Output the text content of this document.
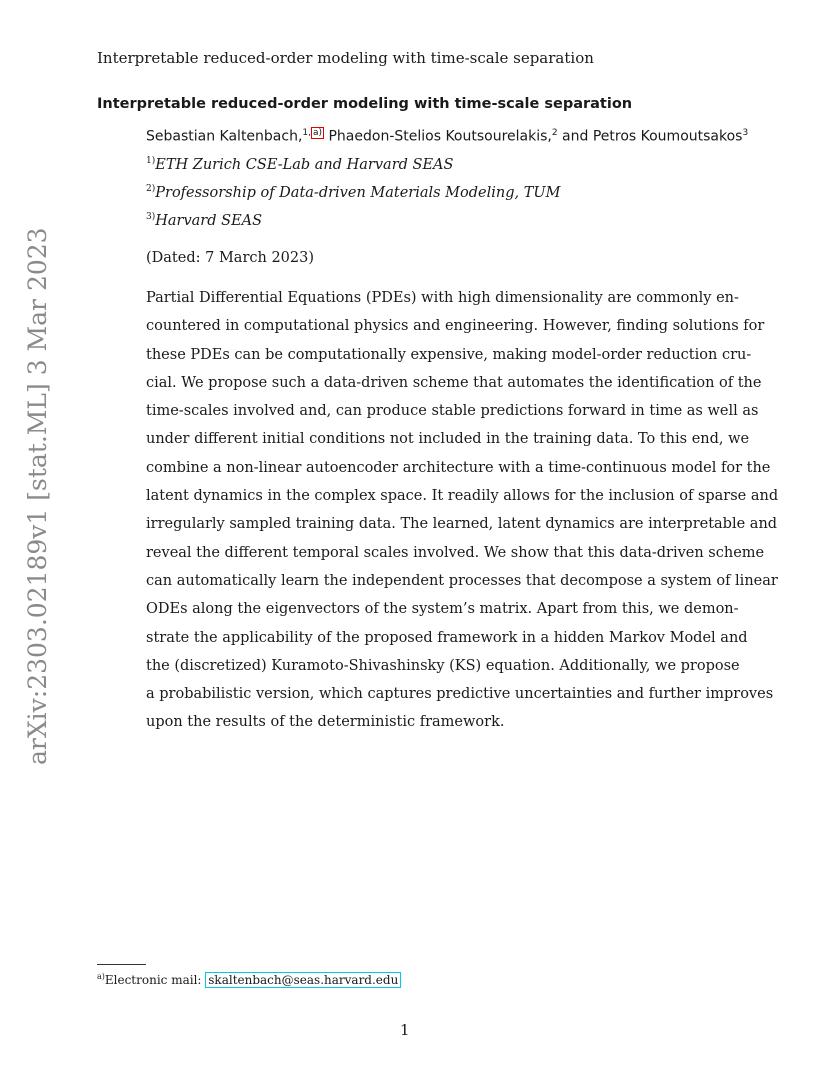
Interpretable reduced-order modeling with time-scale separation
Interpretable reduced-order modeling with time-scale separation
Sebastian Kaltenbach,$^{1,}$ $^{a)}$ Phaedon-Stelios Koutsourelakis,$^2$ and Petros Koumoutsakos$^3$
$^{1)}$ETH Zurich CSE-Lab and Harvard SEAS
$^{2)}$Professorship of Data-driven Materials Modeling, TUM
$^{3)}$Harvard SEAS
(Dated: 7 March 2023)
Partial Differential Equations (PDEs) with high dimensionality are commonly en-
countered in computational physics and engineering. However, finding solutions for
these PDEs can be computationally expensive, making model-order reduction cru-
cial. We propose such a data-driven scheme that automates the identification of the
time-scales involved and, can produce stable predictions forward in time as well as
under different initial conditions not included in the training data. To this end, we
combine a non-linear autoencoder architecture with a time-continuous model for the
latent dynamics in the complex space. It readily allows for the inclusion of sparse and
irregularly sampled training data. The learned, latent dynamics are interpretable and
reveal the different temporal scales involved. We show that this data-driven scheme
can automatically learn the independent processes that decompose a system of linear
ODEs along the eigenvectors of the system’s matrix. Apart from this, we demon-
strate the applicability of the proposed framework in a hidden Markov Model and
the (discretized) Kuramoto-Shivashinsky (KS) equation. Additionally, we propose
a probabilistic version, which captures predictive uncertainties and further improves
upon the results of the deterministic framework.
arXiv:2303.02189v1 [stat.ML] 3 Mar 2023
$^{a)}$Electronic mail: skaltenbach@seas.harvard.edu
1
